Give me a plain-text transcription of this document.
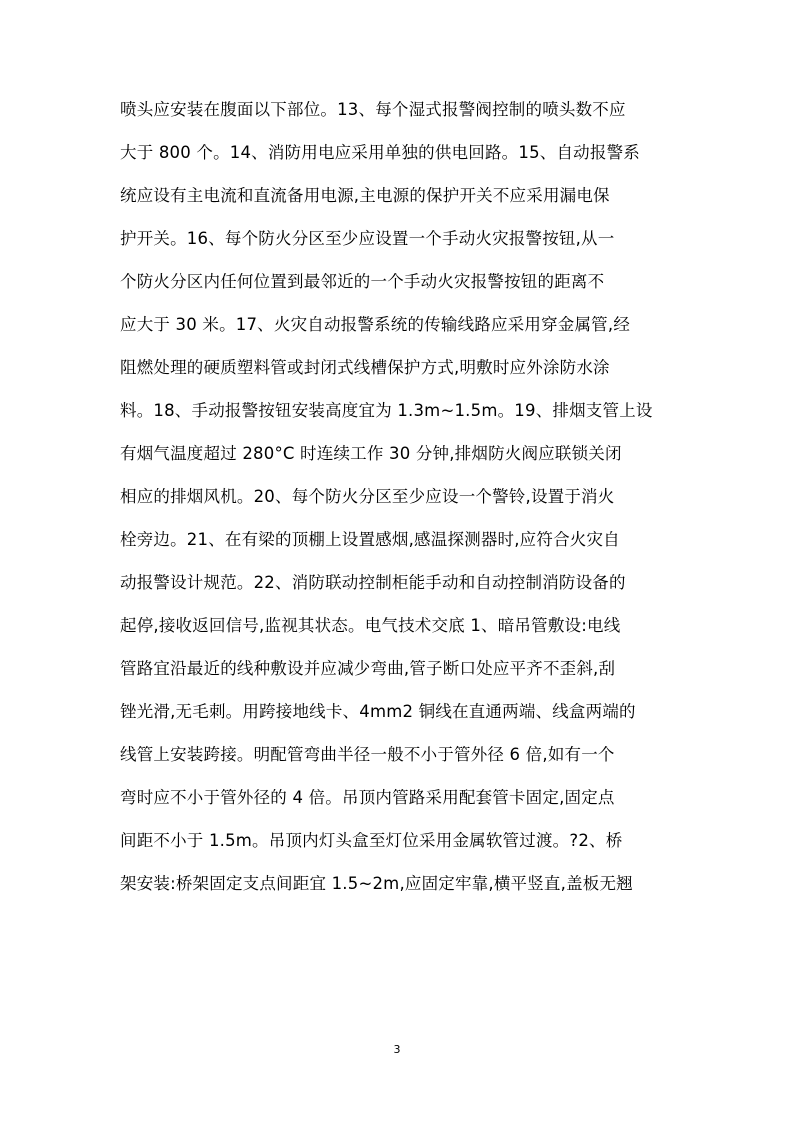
喷头应安装在腹面以下部位。13、每个湿式报警阀控制的喷头数不应
大于 800 个。14、消防用电应采用单独的供电回路。15、自动报警系
统应设有主电流和直流备用电源,主电源的保护开关不应采用漏电保
护开关。16、每个防火分区至少应设置一个手动火灾报警按钮,从一
个防火分区内任何位置到最邻近的一个手动火灾报警按钮的距离不
应大于 30 米。17、火灾自动报警系统的传输线路应采用穿金属管,经
阻燃处理的硬质塑料管或封闭式线槽保护方式,明敷时应外涂防水涂
料。18、手动报警按钮安装高度宜为 1.3m~1.5m。19、排烟支管上设
有烟气温度超过 280°C 时连续工作 30 分钟,排烟防火阀应联锁关闭
相应的排烟风机。20、每个防火分区至少应设一个警铃,设置于消火
栓旁边。21、在有梁的顶棚上设置感烟,感温探测器时,应符合火灾自
动报警设计规范。22、消防联动控制柜能手动和自动控制消防设备的
起停,接收返回信号,监视其状态。电气技术交底 1、暗吊管敷设:电线
管路宜沿最近的线种敷设并应减少弯曲,管子断口处应平齐不歪斜,刮
锉光滑,无毛刺。用跨接地线卡、4mm2 铜线在直通两端、线盒两端的
线管上安装跨接。明配管弯曲半径一般不小于管外径 6 倍,如有一个
弯时应不小于管外径的 4 倍。吊顶内管路采用配套管卡固定,固定点
间距不小于 1.5m。吊顶内灯头盒至灯位采用金属软管过渡。?2、桥
架安装:桥架固定支点间距宜 1.5~2m,应固定牢靠,横平竖直,盖板无翘
3
